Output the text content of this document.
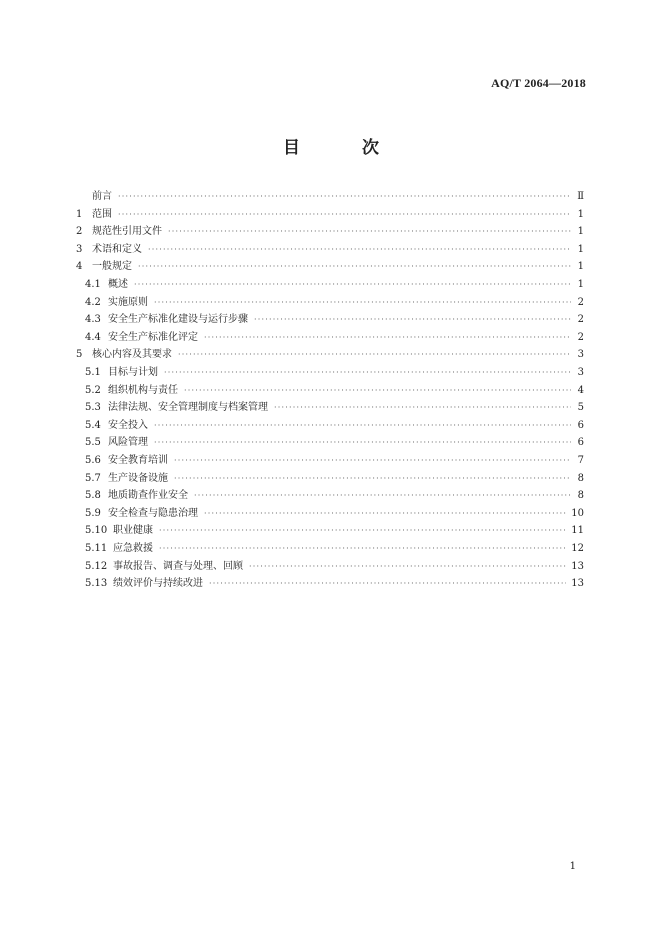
AQ/T 2064—2018
目 次
前言 ·····	Ⅱ
1 范围 ·····	1
2 规范性引用文件 ·····	1
3 术语和定义 ·····	1
4 一般规定 ·····	1
4.1 概述 ·····	1
4.2 实施原则 ·····	2
4.3 安全生产标准化建设与运行步骤 ·····	2
4.4 安全生产标准化评定 ·····	2
5 核心内容及其要求 ·····	3
5.1 目标与计划 ·····	3
5.2 组织机构与责任 ·····	4
5.3 法律法规、安全管理制度与档案管理 ·····	5
5.4 安全投入 ·····	6
5.5 风险管理 ·····	6
5.6 安全教育培训 ·····	7
5.7 生产设备设施 ·····	8
5.8 地质勘查作业安全 ·····	8
5.9 安全检查与隐患治理 ·····	10
5.10 职业健康 ·····	11
5.11 应急救援 ·····	12
5.12 事故报告、调查与处理、回顾 ·····	13
5.13 绩效评价与持续改进 ·····	13
1
